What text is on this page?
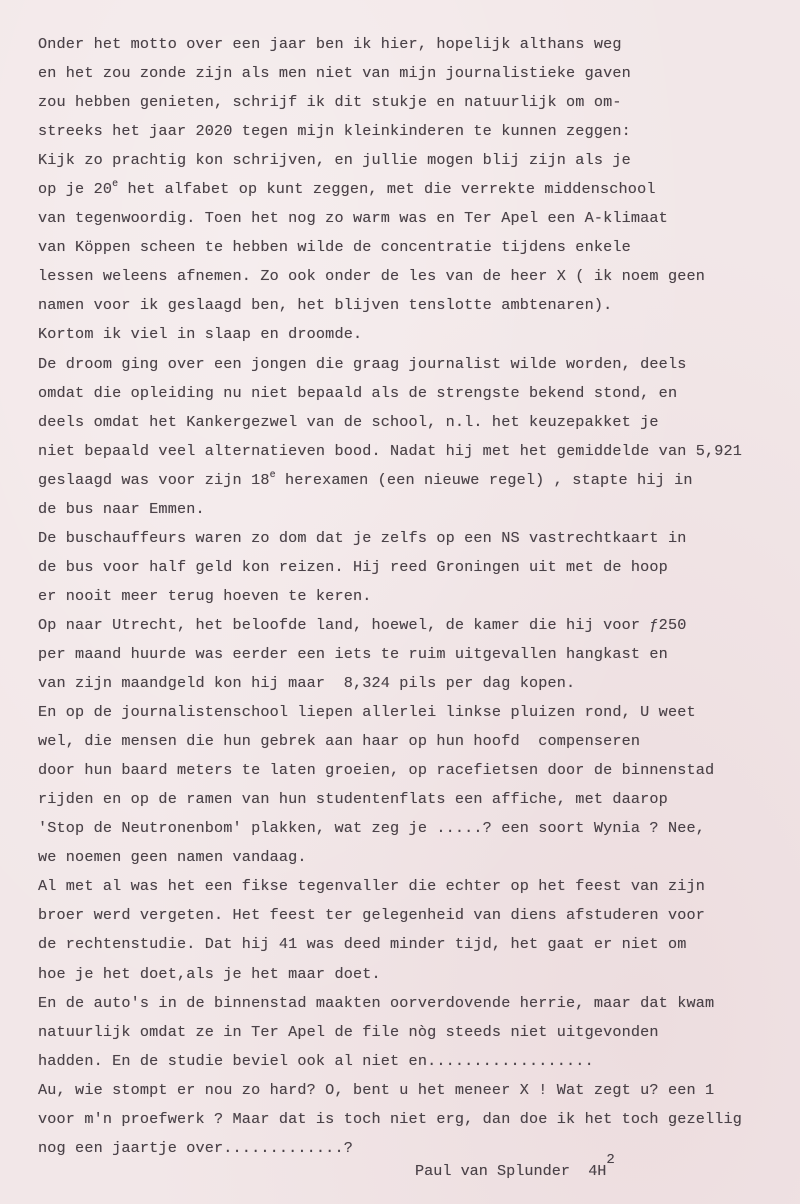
Onder het motto over een jaar ben ik hier, hopelijk althans weg
en het zou zonde zijn als men niet van mijn journalistieke gaven
zou hebben genieten, schrijf ik dit stukje en natuurlijk om om-
streeks het jaar 2020 tegen mijn kleinkinderen te kunnen zeggen:
Kijk zo prachtig kon schrijven, en jullie mogen blij zijn als je
op je 20e het alfabet op kunt zeggen, met die verrekte middenschool
van tegenwoordig. Toen het nog zo warm was en Ter Apel een A-klimaat
van Köppen scheen te hebben wilde de concentratie tijdens enkele
lessen weleens afnemen. Zo ook onder de les van de heer X ( ik noem geen
namen voor ik geslaagd ben, het blijven tenslotte ambtenaren).
Kortom ik viel in slaap en droomde.
De droom ging over een jongen die graag journalist wilde worden, deels
omdat die opleiding nu niet bepaald als de strengste bekend stond, en
deels omdat het Kankergezwel van de school, n.l. het keuzepakket je
niet bepaald veel alternatieven bood. Nadat hij met het gemiddelde van 5,921
geslaagd was voor zijn 18e herexamen (een nieuwe regel) , stapte hij in
de bus naar Emmen.
De buschauffeurs waren zo dom dat je zelfs op een NS vastrechtkaart in
de bus voor half geld kon reizen. Hij reed Groningen uit met de hoop
er nooit meer terug hoeven te keren.
Op naar Utrecht, het beloofde land, hoewel, de kamer die hij voor ƒ250
per maand huurde was eerder een iets te ruim uitgevallen hangkast en
van zijn maandgeld kon hij maar  8,324 pils per dag kopen.
En op de journalistenschool liepen allerlei linkse pluizen rond, U weet
wel, die mensen die hun gebrek aan haar op hun hoofd  compenseren
door hun baard meters te laten groeien, op racefietsen door de binnenstad
rijden en op de ramen van hun studentenflats een affiche, met daarop
'Stop de Neutronenbom' plakken, wat zeg je .....? een soort Wynia ? Nee,
we noemen geen namen vandaag.
Al met al was het een fikse tegenvaller die echter op het feest van zijn
broer werd vergeten. Het feest ter gelegenheid van diens afstuderen voor
de rechtenstudie. Dat hij 41 was deed minder tijd, het gaat er niet om
hoe je het doet,als je het maar doet.
En de auto's in de binnenstad maakten oorverdovende herrie, maar dat kwam
natuurlijk omdat ze in Ter Apel de file nòg steeds niet uitgevonden
hadden. En de studie beviel ook al niet en..................
Au, wie stompt er nou zo hard? O, bent u het meneer X ! Wat zegt u? een 1
voor m'n proefwerk ? Maar dat is toch niet erg, dan doe ik het toch gezellig
nog een jaartje over.............?
Paul van Splunder 4H2
